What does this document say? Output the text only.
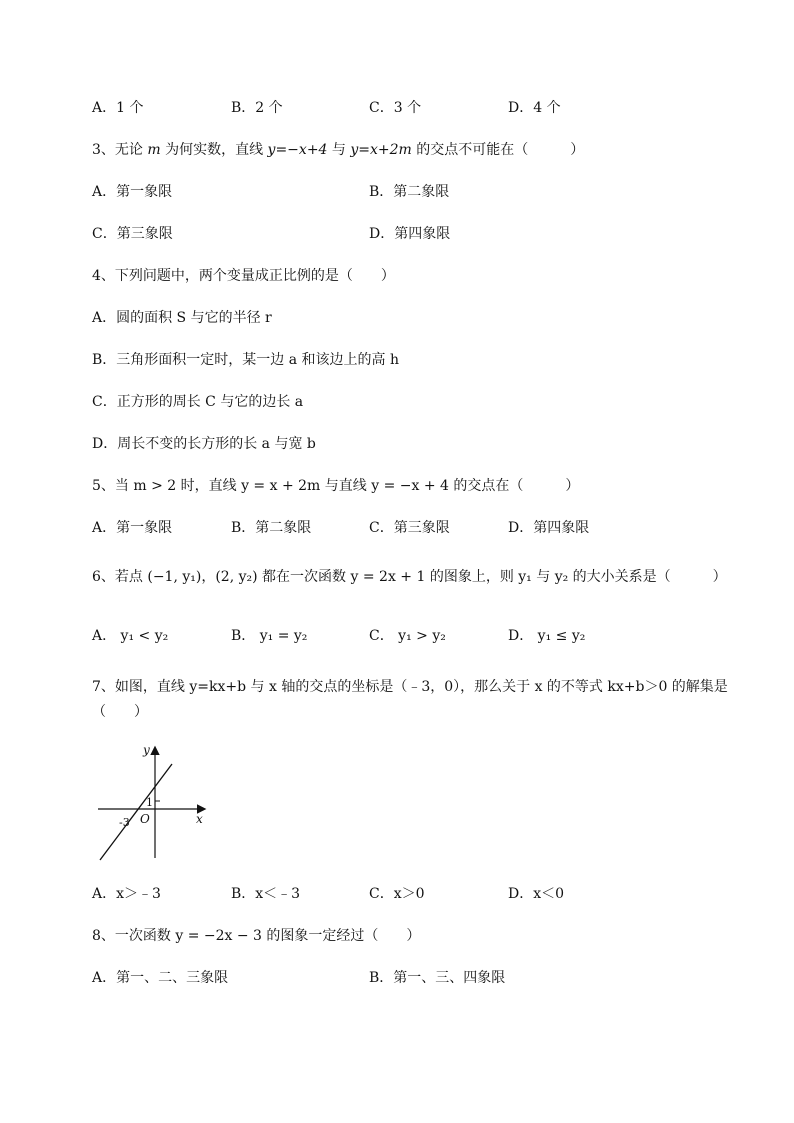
A．1 个	B．2 个	C．3 个	D．4 个
3、无论 m 为何实数，直线 y=−x+4 与 y=x+2m 的交点不可能在（　　　）
A．第一象限	B．第二象限
C．第三象限	D．第四象限
4、下列问题中，两个变量成正比例的是（　　）
A．圆的面积 S 与它的半径 r
B．三角形面积一定时，某一边 a 和该边上的高 h
C．正方形的周长 C 与它的边长 a
D．周长不变的长方形的长 a 与宽 b
5、当 m > 2 时，直线 y = x + 2m 与直线 y = −x + 4 的交点在（　　　）
A．第一象限	B．第二象限	C．第三象限	D．第四象限
6、若点 (−1, y₁)，(2, y₂) 都在一次函数 y = 2x + 1 的图象上，则 y₁ 与 y₂ 的大小关系是（　　　）
A． y₁ < y₂	B． y₁ = y₂	C． y₁ > y₂	D． y₁ ≤ y₂
7、如图，直线 y=kx+b 与 x 轴的交点的坐标是（﹣3，0），那么关于 x 的不等式 kx+b＞0 的解集是
（　　）
y
x
O
1
-3
A．x＞﹣3	B．x＜﹣3	C．x＞0	D．x＜0
8、一次函数 y = −2x − 3 的图象一定经过（　　）
A．第一、二、三象限	B．第一、三、四象限
